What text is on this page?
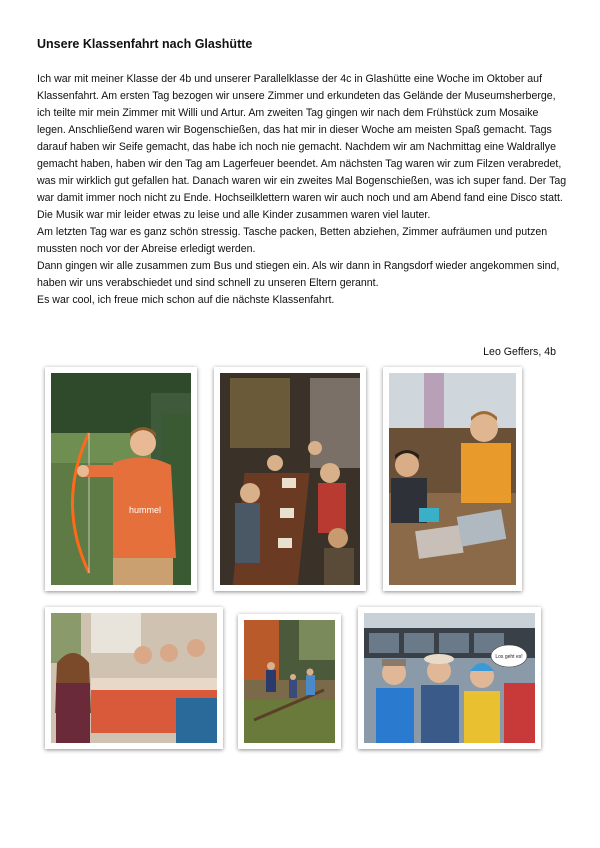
Unsere Klassenfahrt nach Glashütte

Ich war mit meiner Klasse der 4b und unserer Parallelklasse der 4c in Glashütte eine Woche im Oktober auf Klassenfahrt. Am ersten Tag bezogen wir unsere Zimmer und erkundeten das Gelände der Museumsherberge, ich teilte mir mein Zimmer mit Willi und Artur. Am zweiten Tag gingen wir nach dem Frühstück zum Mosaike legen. Anschließend waren wir Bogenschießen, das hat mir in dieser Woche am meisten Spaß gemacht. Tags darauf haben wir Seife gemacht, das habe ich noch nie gemacht. Nachdem wir am Nachmittag eine Waldrallye gemacht haben, haben wir den Tag am Lagerfeuer beendet. Am nächsten Tag waren wir zum Filzen verabredet, was mir wirklich gut gefallen hat. Danach waren wir ein zweites Mal Bogenschießen, was ich super fand. Der Tag war damit immer noch nicht zu Ende. Hochseilklettern waren wir auch noch und am Abend fand eine Disco statt. Die Musik war mir leider etwas zu leise und alle Kinder zusammen waren viel lauter.

Am letzten Tag war es ganz schön stressig. Tasche packen, Betten abziehen, Zimmer aufräumen und putzen mussten noch vor der Abreise erledigt werden.

Dann gingen wir alle zusammen zum Bus und stiegen ein. Als wir dann in Rangsdorf wieder angekommen sind, haben wir uns verabschiedet und sind schnell zu unseren Eltern gerannt.

Es war cool, ich freue mich schon auf die nächste Klassenfahrt.

Leo Geffers, 4b
hummel
Los geht es!
